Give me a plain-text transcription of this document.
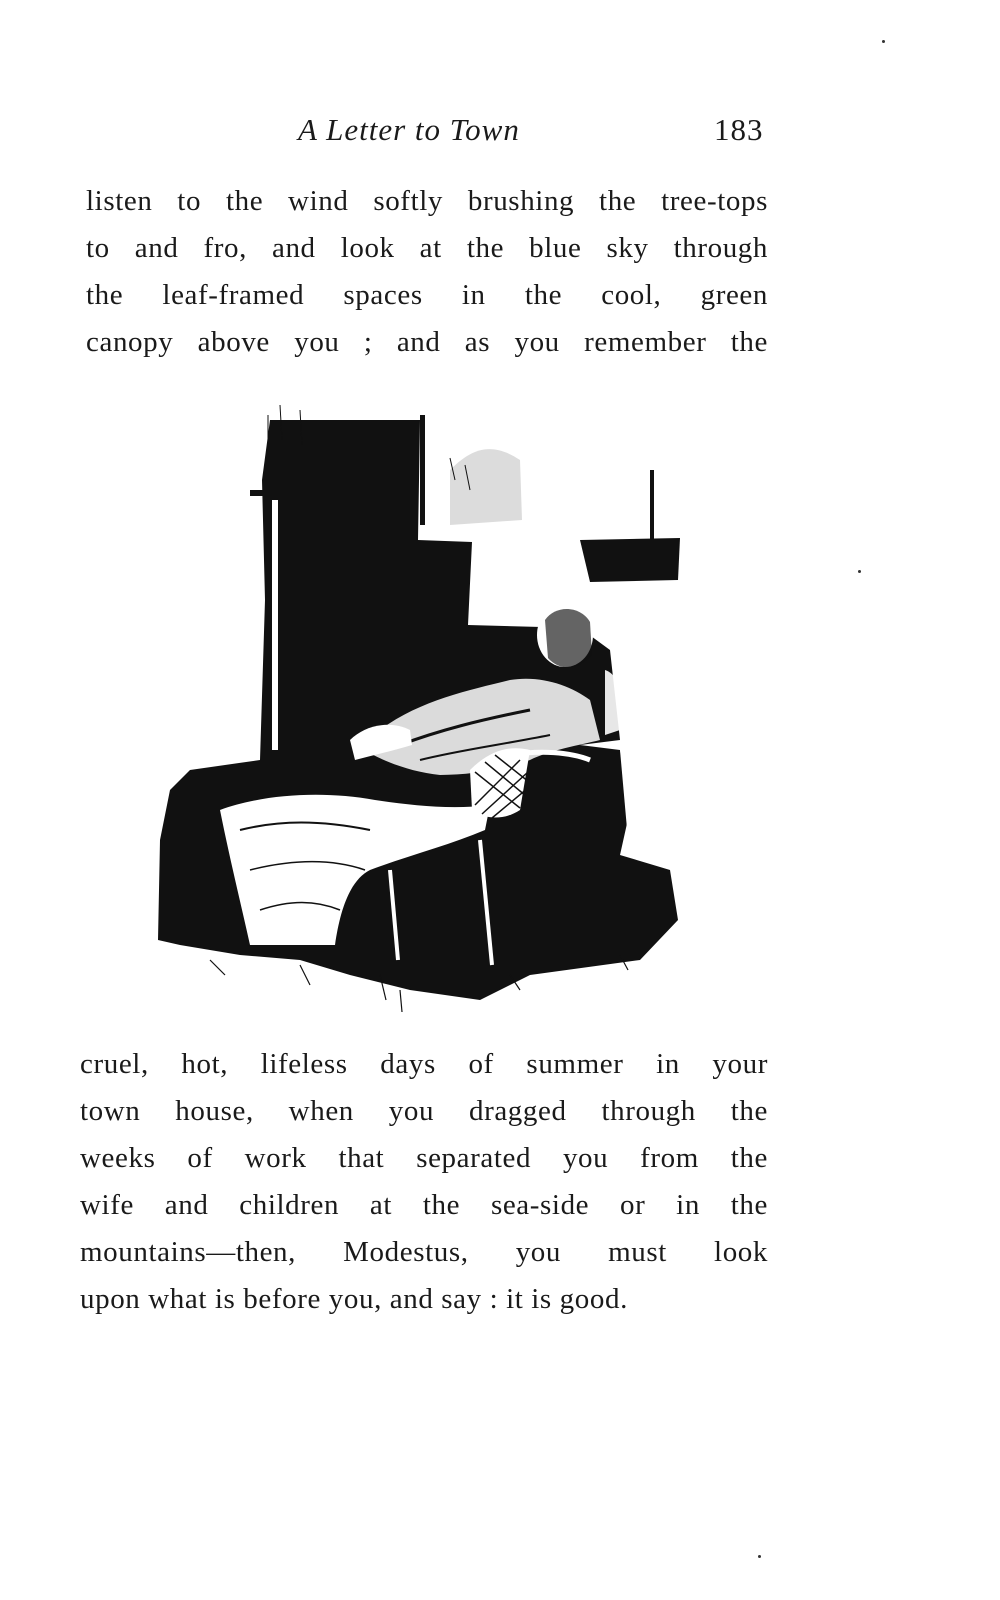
A Letter to Town	183
listen to the wind softly brushing the tree-tops
to and fro, and look at the blue sky through
the leaf-framed spaces in the cool, green
canopy above you ; and as you remember the
cruel, hot, lifeless days of summer in your
town house, when you dragged through the
weeks of work that separated you from the
wife and children at the sea-side or in the
mountains—then, Modestus, you must look
upon what is before you, and say : it is good.
